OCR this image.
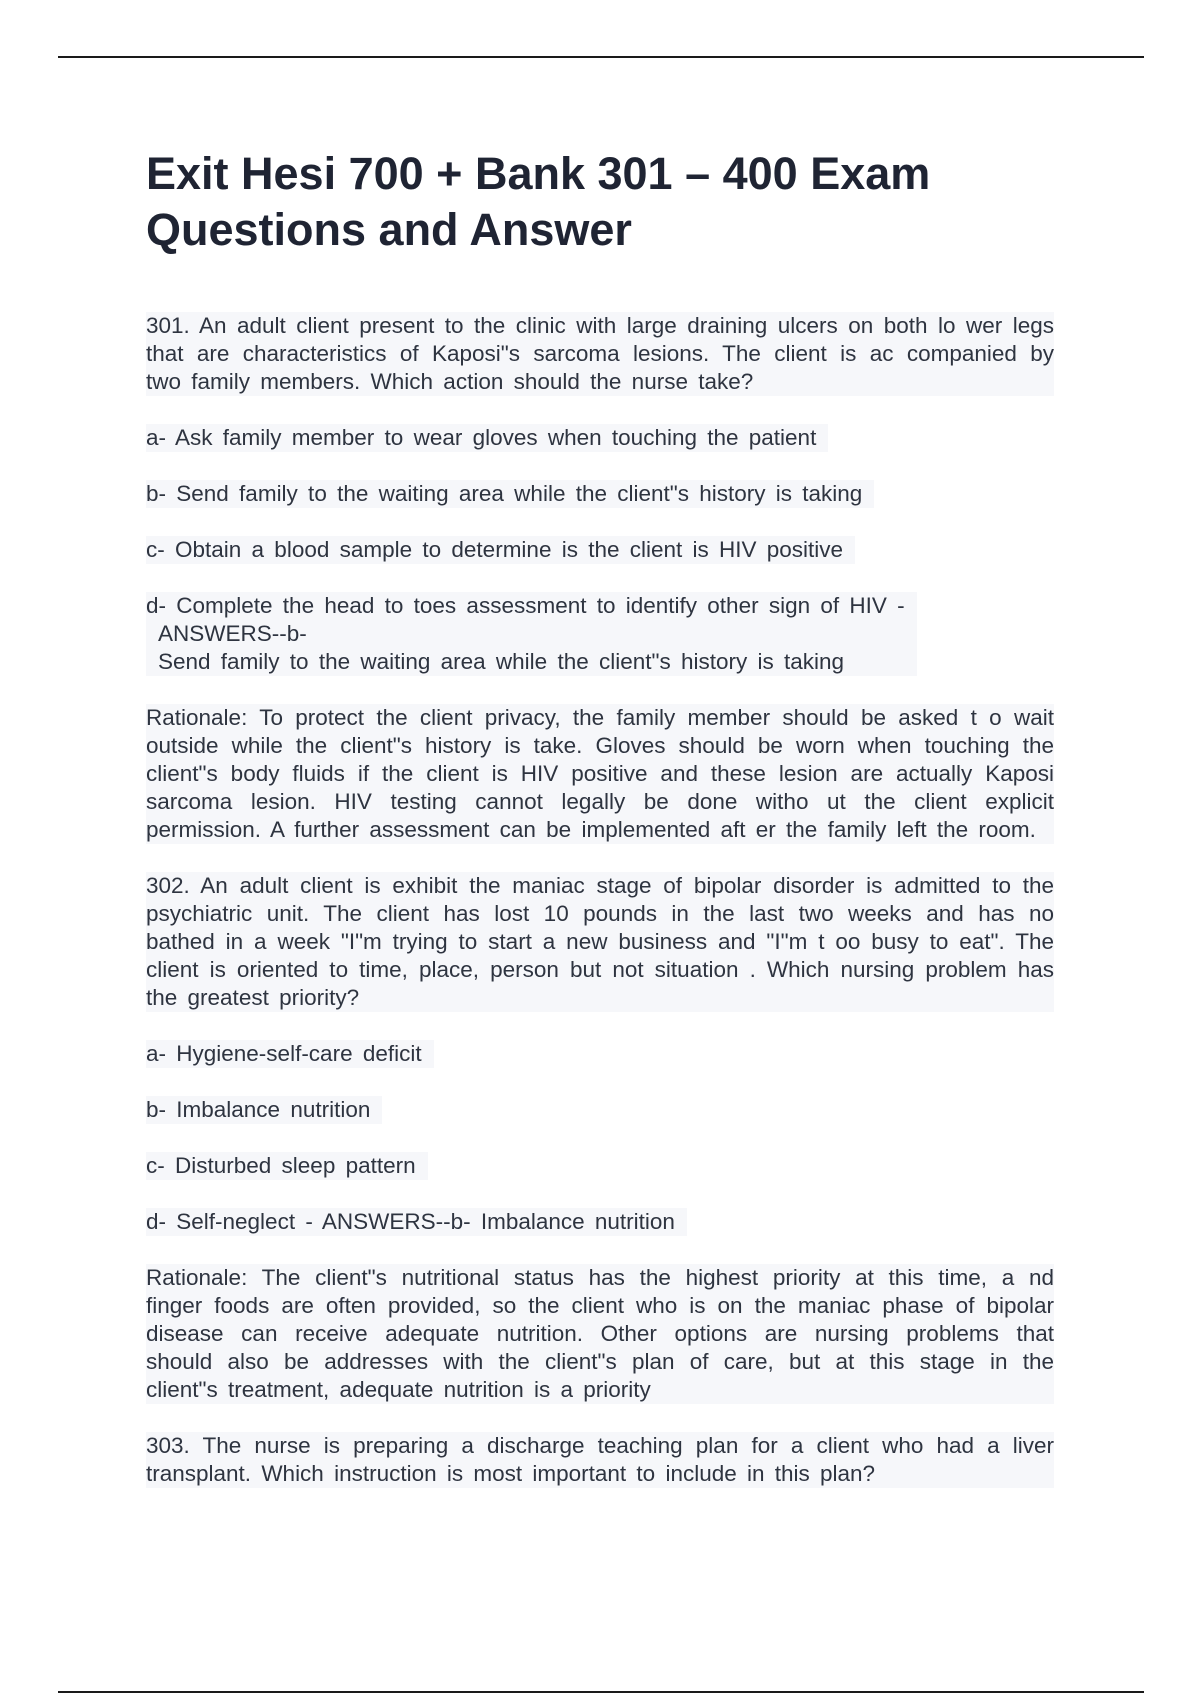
Exit Hesi 700 + Bank 301 – 400 Exam
Questions and Answer

301. An adult client present to the clinic with large draining ulcers on both lo wer legs that are characteristics of Kaposi"s sarcoma lesions. The client is ac companied by two family members. Which action should the nurse take?

a- Ask family member to wear gloves when touching the patient
b- Send family to the waiting area while the client"s history is taking
c- Obtain a blood sample to determine is the client is HIV positive
d- Complete the head to toes assessment to identify other sign of HIV -
ANSWERS--b-
Send family to the waiting area while the client"s history is taking

Rationale: To protect the client privacy, the family member should be asked t o wait outside while the client"s history is take. Gloves should be worn when touching the client"s body fluids if the client is HIV positive and these lesion are actually Kaposi sarcoma lesion. HIV testing cannot legally be done witho ut the client explicit permission. A further assessment can be implemented aft er the family left the room.

302. An adult client is exhibit the maniac stage of bipolar disorder is admitted to the psychiatric unit. The client has lost 10 pounds in the last two weeks and has no bathed in a week "I"m trying to start a new business and "I"m t oo busy to eat". The client is oriented to time, place, person but not situation . Which nursing problem has the greatest priority?

a- Hygiene-self-care deficit
b- Imbalance nutrition
c- Disturbed sleep pattern
d- Self-neglect - ANSWERS--b- Imbalance nutrition

Rationale: The client"s nutritional status has the highest priority at this time, a nd finger foods are often provided, so the client who is on the maniac phase of bipolar disease can receive adequate nutrition. Other options are nursing problems that should also be addresses with the client"s plan of care, but at this stage in the client"s treatment, adequate nutrition is a priority

303. The nurse is preparing a discharge teaching plan for a client who had a liver transplant. Which instruction is most important to include in this plan?
